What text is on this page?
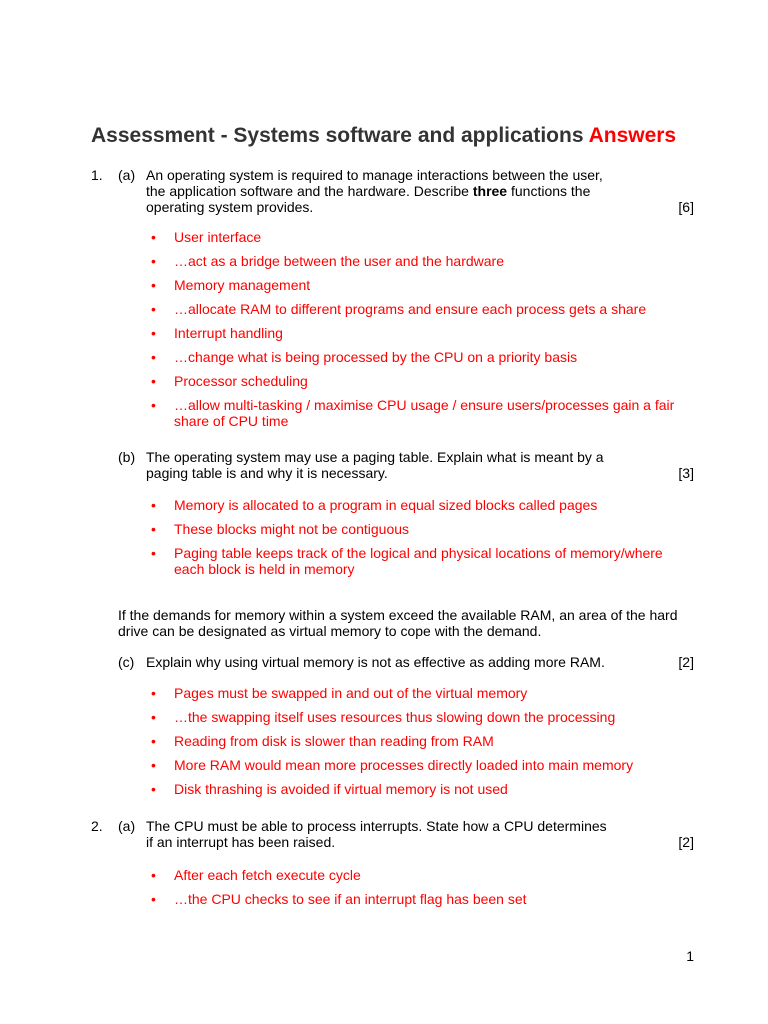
Assessment - Systems software and applications Answers
1. (a) An operating system is required to manage interactions between the user, the application software and the hardware. Describe three functions the operating system provides.	[6]
• User interface
• …act as a bridge between the user and the hardware
• Memory management
• …allocate RAM to different programs and ensure each process gets a share
• Interrupt handling
• …change what is being processed by the CPU on a priority basis
• Processor scheduling
• …allow multi-tasking / maximise CPU usage / ensure users/processes gain a fair share of CPU time
(b) The operating system may use a paging table. Explain what is meant by a paging table is and why it is necessary.	[3]
• Memory is allocated to a program in equal sized blocks called pages
• These blocks might not be contiguous
• Paging table keeps track of the logical and physical locations of memory/where each block is held in memory
If the demands for memory within a system exceed the available RAM, an area of the hard drive can be designated as virtual memory to cope with the demand.
(c) Explain why using virtual memory is not as effective as adding more RAM.	[2]
• Pages must be swapped in and out of the virtual memory
• …the swapping itself uses resources thus slowing down the processing
• Reading from disk is slower than reading from RAM
• More RAM would mean more processes directly loaded into main memory
• Disk thrashing is avoided if virtual memory is not used
2. (a) The CPU must be able to process interrupts. State how a CPU determines if an interrupt has been raised.	[2]
• After each fetch execute cycle
• …the CPU checks to see if an interrupt flag has been set
1
